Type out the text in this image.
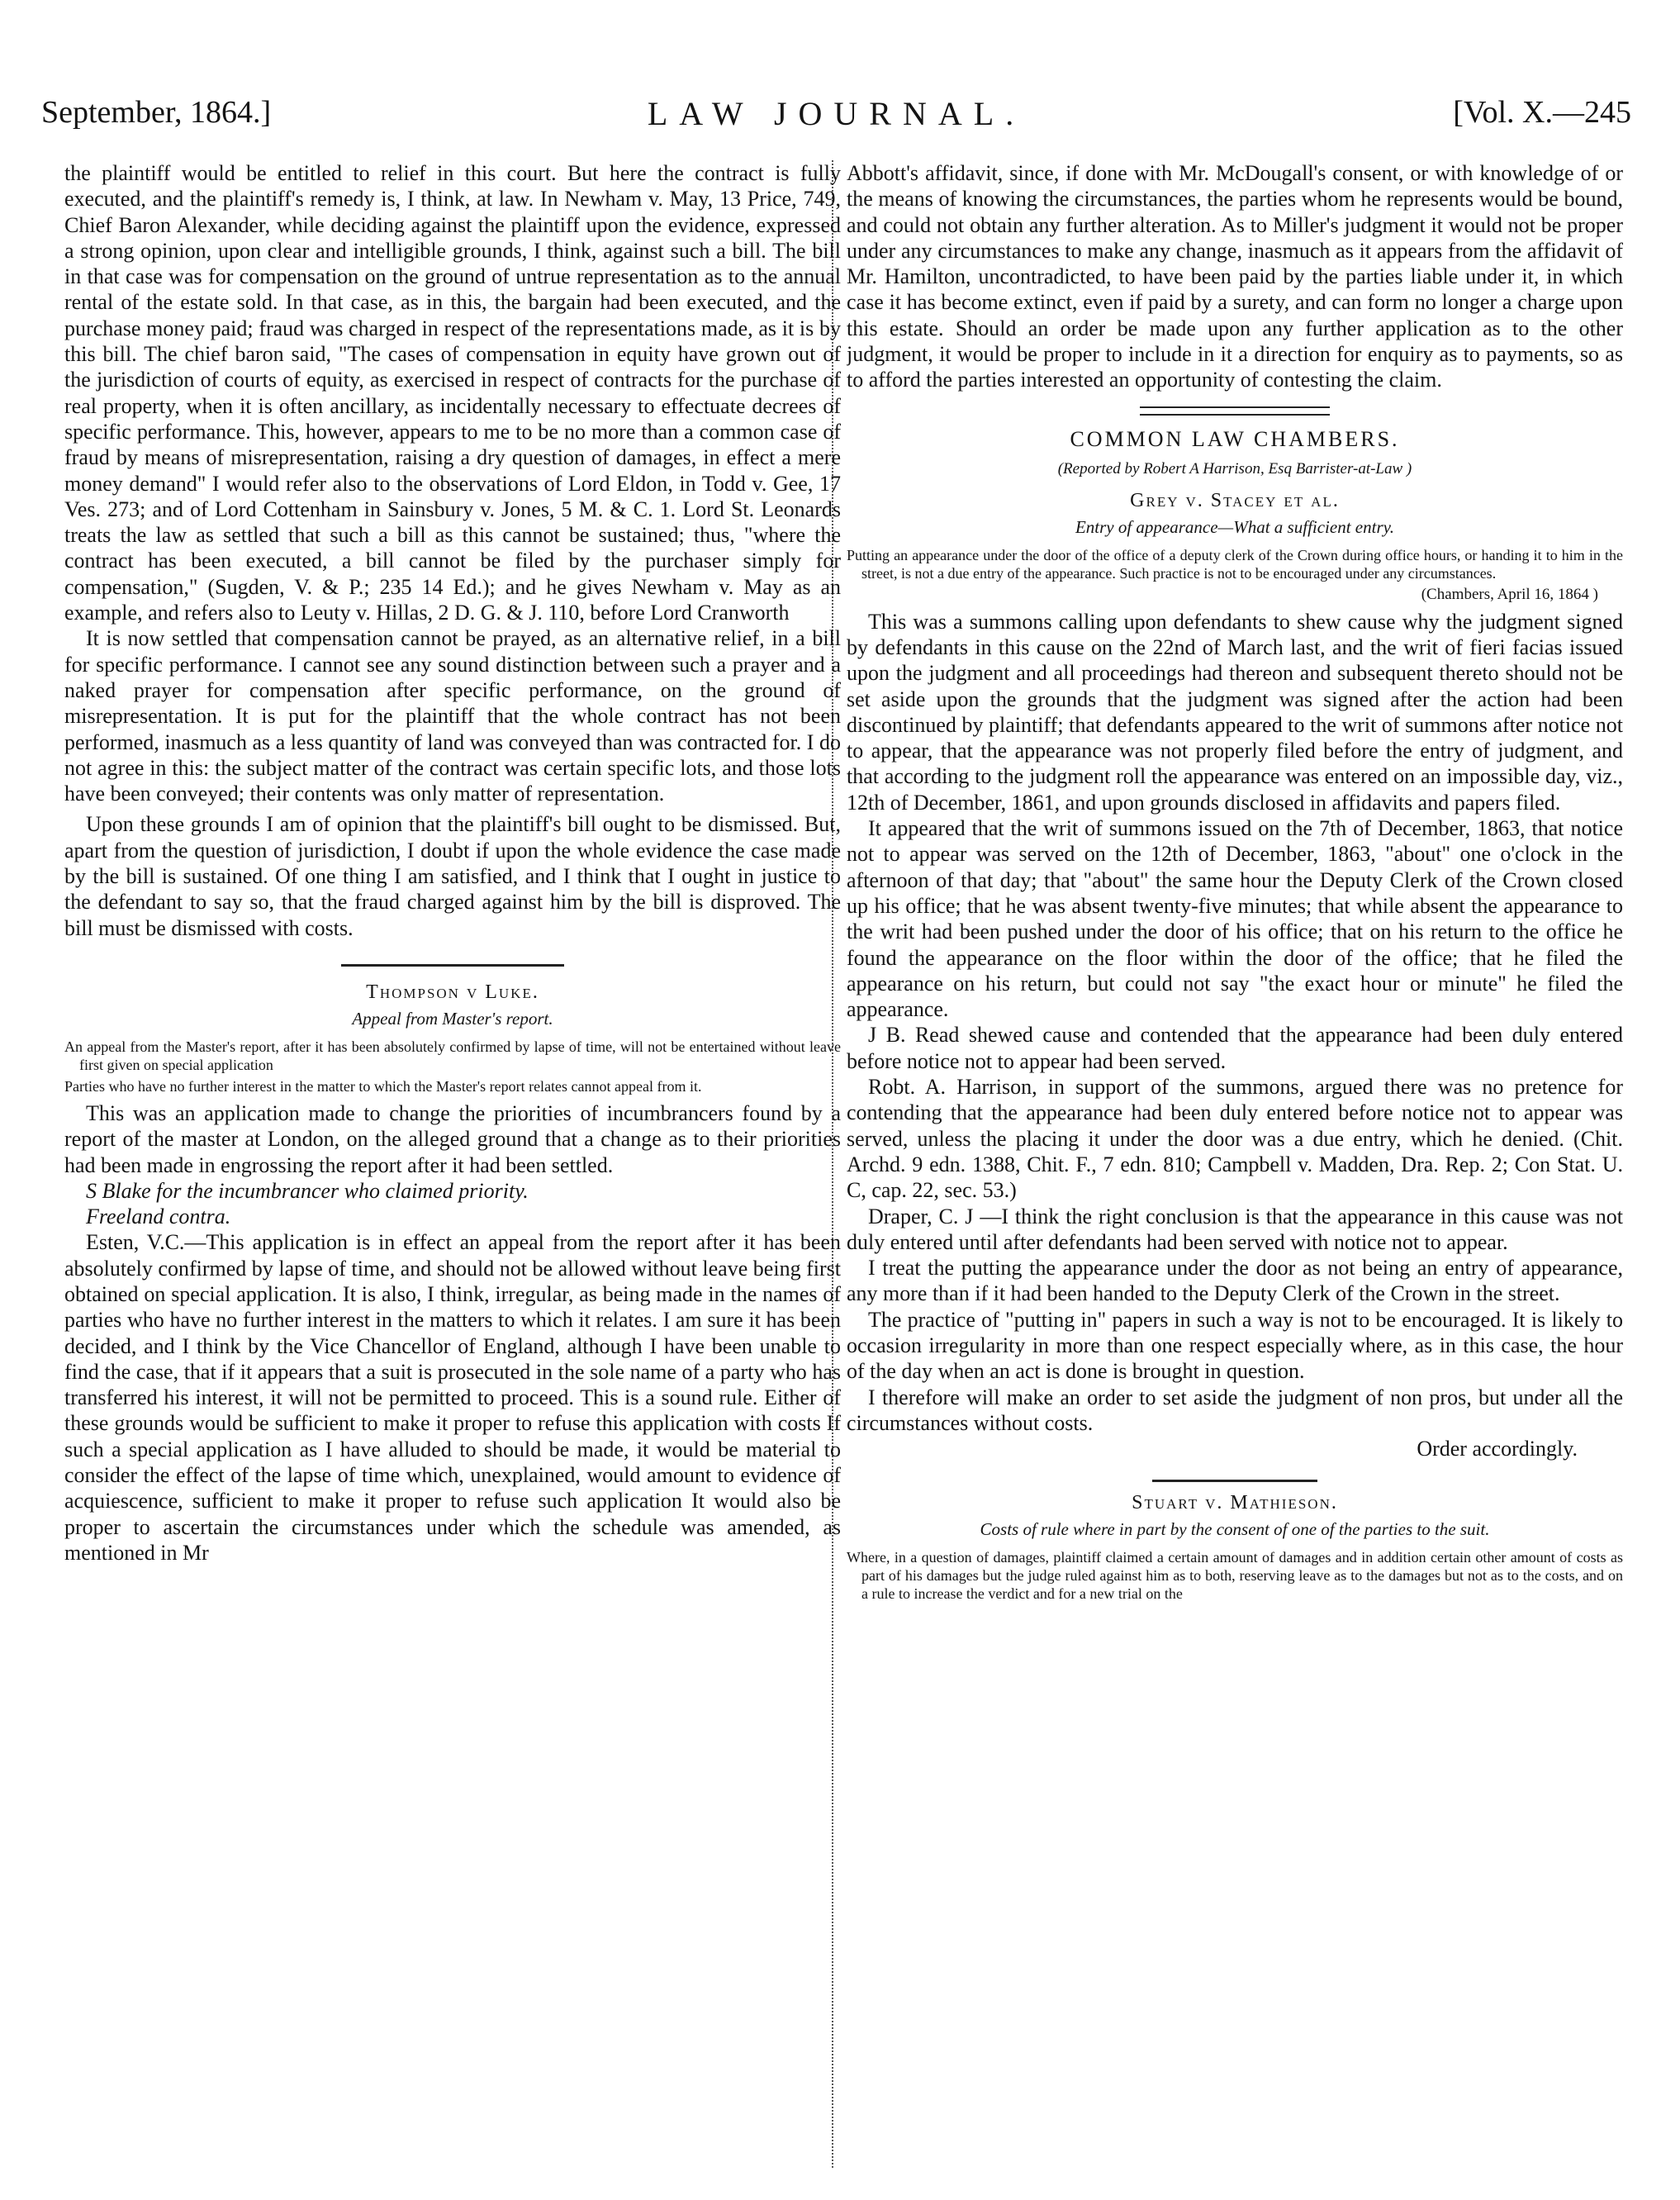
September, 1864.]	LAW JOURNAL.	[Vol. X.—245

the plaintiff would be entitled to relief in this court. But here the contract is fully executed, and the plaintiff's remedy is, I think, at law. In Newham v. May, 13 Price, 749, Chief Baron Alexander, while deciding against the plaintiff upon the evidence, expressed a strong opinion, upon clear and intelligible grounds, I think, against such a bill. The bill in that case was for compensation on the ground of untrue representation as to the annual rental of the estate sold. In that case, as in this, the bargain had been executed, and the purchase money paid; fraud was charged in respect of the representations made, as it is by this bill. The chief baron said, "The cases of compensation in equity have grown out of the jurisdiction of courts of equity, as exercised in respect of contracts for the purchase of real property, when it is often ancillary, as incidentally necessary to effectuate decrees of specific performance. This, however, appears to me to be no more than a common case of fraud by means of misrepresentation, raising a dry question of damages, in effect a mere money demand" I would refer also to the observations of Lord Eldon, in Todd v. Gee, 17 Ves. 273; and of Lord Cottenham in Sainsbury v. Jones, 5 M. & C. 1. Lord St. Leonards treats the law as settled that such a bill as this cannot be sustained; thus, "where the contract has been executed, a bill cannot be filed by the purchaser simply for compensation," (Sugden, V. & P.; 235 14 Ed.); and he gives Newham v. May as an example, and refers also to Leuty v. Hillas, 2 D. G. & J. 110, before Lord Cranworth

It is now settled that compensation cannot be prayed, as an alternative relief, in a bill for specific performance. I cannot see any sound distinction between such a prayer and a naked prayer for compensation after specific performance, on the ground of misrepresentation. It is put for the plaintiff that the whole contract has not been performed, inasmuch as a less quantity of land was conveyed than was contracted for. I do not agree in this: the subject matter of the contract was certain specific lots, and those lots have been conveyed; their contents was only matter of representation.

Upon these grounds I am of opinion that the plaintiff's bill ought to be dismissed. But, apart from the question of jurisdiction, I doubt if upon the whole evidence the case made by the bill is sustained. Of one thing I am satisfied, and I think that I ought in justice to the defendant to say so, that the fraud charged against him by the bill is disproved. The bill must be dismissed with costs.

Thompson v Luke.
Appeal from Master's report.

An appeal from the Master's report, after it has been absolutely confirmed by lapse of time, will not be entertained without leave first given on special application

Parties who have no further interest in the matter to which the Master's report relates cannot appeal from it.

This was an application made to change the priorities of incumbrancers found by a report of the master at London, on the alleged ground that a change as to their priorities had been made in engrossing the report after it had been settled.

S Blake for the incumbrancer who claimed priority.

Freeland contra.

Esten, V.C.—This application is in effect an appeal from the report after it has been absolutely confirmed by lapse of time, and should not be allowed without leave being first obtained on special application. It is also, I think, irregular, as being made in the names of parties who have no further interest in the matters to which it relates. I am sure it has been decided, and I think by the Vice Chancellor of England, although I have been unable to find the case, that if it appears that a suit is prosecuted in the sole name of a party who has transferred his interest, it will not be permitted to proceed. This is a sound rule. Either of these grounds would be sufficient to make it proper to refuse this application with costs If such a special application as I have alluded to should be made, it would be material to consider the effect of the lapse of time which, unexplained, would amount to evidence of acquiescence, sufficient to make it proper to refuse such application It would also be proper to ascertain the circumstances under which the schedule was amended, as mentioned in Mr

Abbott's affidavit, since, if done with Mr. McDougall's consent, or with knowledge of or the means of knowing the circumstances, the parties whom he represents would be bound, and could not obtain any further alteration. As to Miller's judgment it would not be proper under any circumstances to make any change, inasmuch as it appears from the affidavit of Mr. Hamilton, uncontradicted, to have been paid by the parties liable under it, in which case it has become extinct, even if paid by a surety, and can form no longer a charge upon this estate. Should an order be made upon any further application as to the other judgment, it would be proper to include in it a direction for enquiry as to payments, so as to afford the parties interested an opportunity of contesting the claim.

COMMON LAW CHAMBERS.
(Reported by Robert A Harrison, Esq Barrister-at-Law )
Grey v. Stacey et al.
Entry of appearance—What a sufficient entry.

Putting an appearance under the door of the office of a deputy clerk of the Crown during office hours, or handing it to him in the street, is not a due entry of the appearance. Such practice is not to be encouraged under any circumstances.

(Chambers, April 16, 1864 )

This was a summons calling upon defendants to shew cause why the judgment signed by defendants in this cause on the 22nd of March last, and the writ of fieri facias issued upon the judgment and all proceedings had thereon and subsequent thereto should not be set aside upon the grounds that the judgment was signed after the action had been discontinued by plaintiff; that defendants appeared to the writ of summons after notice not to appear, that the appearance was not properly filed before the entry of judgment, and that according to the judgment roll the appearance was entered on an impossible day, viz., 12th of December, 1861, and upon grounds disclosed in affidavits and papers filed.

It appeared that the writ of summons issued on the 7th of December, 1863, that notice not to appear was served on the 12th of December, 1863, "about" one o'clock in the afternoon of that day; that "about" the same hour the Deputy Clerk of the Crown closed up his office; that he was absent twenty-five minutes; that while absent the appearance to the writ had been pushed under the door of his office; that on his return to the office he found the appearance on the floor within the door of the office; that he filed the appearance on his return, but could not say "the exact hour or minute" he filed the appearance.

J B. Read shewed cause and contended that the appearance had been duly entered before notice not to appear had been served.

Robt. A. Harrison, in support of the summons, argued there was no pretence for contending that the appearance had been duly entered before notice not to appear was served, unless the placing it under the door was a due entry, which he denied. (Chit. Archd. 9 edn. 1388, Chit. F., 7 edn. 810; Campbell v. Madden, Dra. Rep. 2; Con Stat. U. C, cap. 22, sec. 53.)

Draper, C. J —I think the right conclusion is that the appearance in this cause was not duly entered until after defendants had been served with notice not to appear.

I treat the putting the appearance under the door as not being an entry of appearance, any more than if it had been handed to the Deputy Clerk of the Crown in the street.

The practice of "putting in" papers in such a way is not to be encouraged. It is likely to occasion irregularity in more than one respect especially where, as in this case, the hour of the day when an act is done is brought in question.

I therefore will make an order to set aside the judgment of non pros, but under all the circumstances without costs.

Order accordingly.
Stuart v. Mathieson.
Costs of rule where in part by the consent of one of the parties to the suit.

Where, in a question of damages, plaintiff claimed a certain amount of damages and in addition certain other amount of costs as part of his damages but the judge ruled against him as to both, reserving leave as to the damages but not as to the costs, and on a rule to increase the verdict and for a new trial on the
